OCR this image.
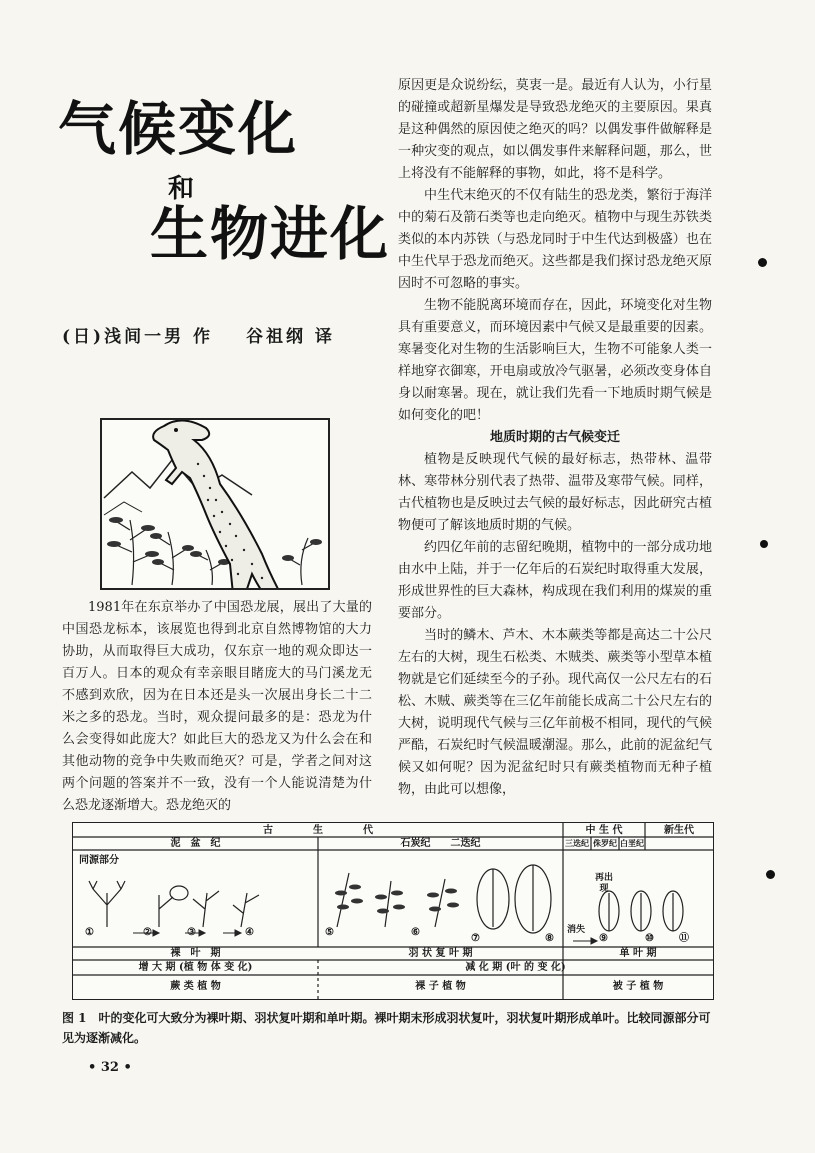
气候变化
和
生物进化
(日)浅间一男 作 谷祖纲 译

1981年在东京举办了中国恐龙展，展出了大量的中国恐龙标本，该展览也得到北京自然博物馆的大力协助，从而取得巨大成功，仅东京一地的观众即达一百万人。日本的观众有幸亲眼目睹庞大的马门溪龙无不感到欢欣，因为在日本还是头一次展出身长二十二米之多的恐龙。当时，观众提问最多的是：恐龙为什么会变得如此庞大？如此巨大的恐龙又为什么会在和其他动物的竞争中失败而绝灭？可是，学者之间对这两个问题的答案并不一致，没有一个人能说清楚为什么恐龙逐渐增大。恐龙绝灭的

原因更是众说纷纭，莫衷一是。最近有人认为，小行星的碰撞或超新星爆发是导致恐龙绝灭的主要原因。果真是这种偶然的原因使之绝灭的吗？以偶发事件做解释是一种灾变的观点，如以偶发事件来解释问题，那么，世上将没有不能解释的事物，如此，将不是科学。

中生代末绝灭的不仅有陆生的恐龙类，繁衍于海洋中的菊石及箭石类等也走向绝灭。植物中与现生苏铁类类似的本内苏铁（与恐龙同时于中生代达到极盛）也在中生代早于恐龙而绝灭。这些都是我们探讨恐龙绝灭原因时不可忽略的事实。

生物不能脱离环境而存在，因此，环境变化对生物具有重要意义，而环境因素中气候又是最重要的因素。寒暑变化对生物的生活影响巨大，生物不可能象人类一样地穿衣御寒，开电扇或放冷气驱暑，必须改变身体自身以耐寒暑。现在，就让我们先看一下地质时期气候是如何变化的吧！

地质时期的古气候变迁

植物是反映现代气候的最好标志，热带林、温带林、寒带林分别代表了热带、温带及寒带气候。同样，古代植物也是反映过去气候的最好标志，因此研究古植物便可了解该地质时期的气候。

约四亿年前的志留纪晚期，植物中的一部分成功地由水中上陆，并于一亿年后的石炭纪时取得重大发展，形成世界性的巨大森林，构成现在我们利用的煤炭的重要部分。

当时的鳞木、芦木、木本蕨类等都是高达二十公尺左右的大树，现生石松类、木贼类、蕨类等小型草本植物就是它们延续至今的子孙。现代高仅一公尺左右的石松、木贼、蕨类等在三亿年前能长成高二十公尺左右的大树，说明现代气候与三亿年前极不相同，现代的气候严酷，石炭纪时气候温暖潮湿。那么，此前的泥盆纪气候又如何呢？因为泥盆纪时只有蕨类植物而无种子植物，由此可以想像，

古　　　　生　　　　代	中 生 代	新生代
泥　盆　纪	石炭纪　　二迭纪	三迭纪 侏罗纪 白垩纪
同源部分
再出现
消失
①	②	③	④	⑤	⑥
⑦	⑧	⑨	⑩	⑪
裸　叶　期	羽 状 复 叶 期	单 叶 期
增 大 期 (植 物 体 变 化)	减 化 期 (叶 的 变 化)
蕨 类 植 物	裸 子 植 物	被 子 植 物
图 1　叶的变化可大致分为裸叶期、羽状复叶期和单叶期。裸叶期末形成羽状复叶，羽状复叶期形成单叶。比较同源部分可见为逐渐减化。
• 32 •
